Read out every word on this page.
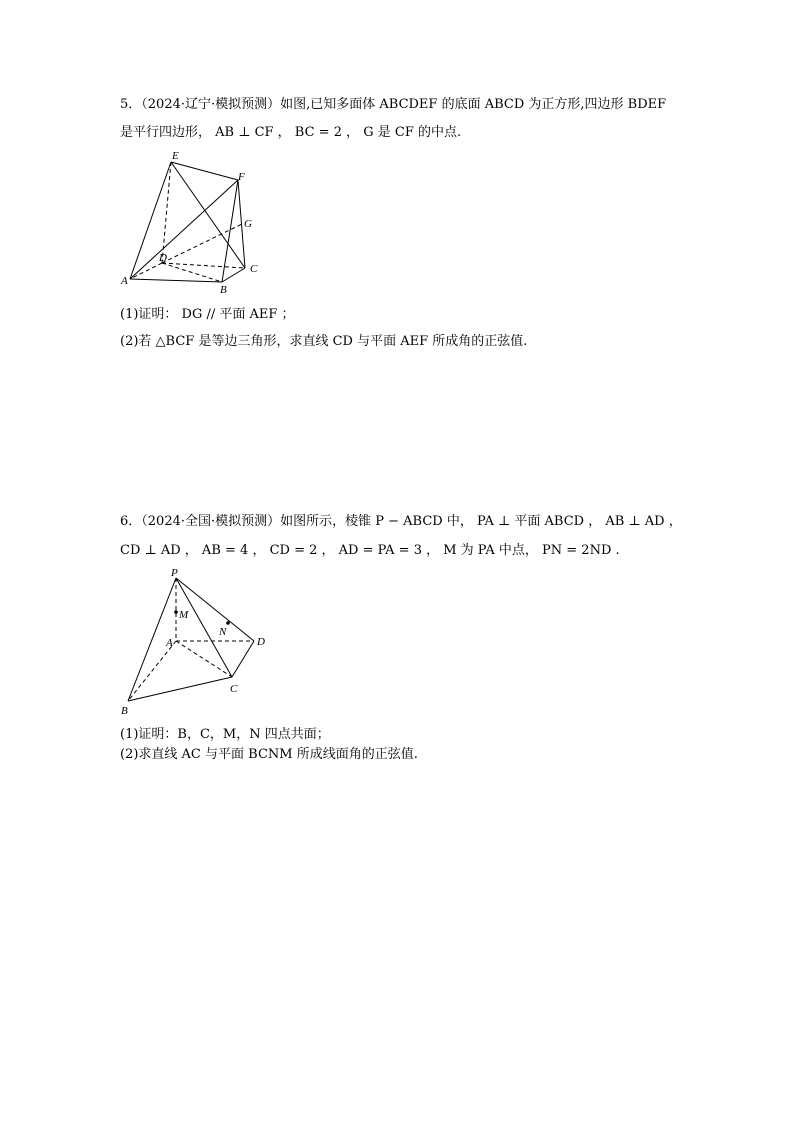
5．（2024·辽宁·模拟预测）如图,已知多面体 ABCDEF 的底面 ABCD 为正方形,四边形 BDEF
是平行四边形， AB ⊥ CF ， BC = 2 ， G 是 CF 的中点.
E
F
G
D
C
A
B
(1)证明： DG // 平面 AEF ；
(2)若 △BCF 是等边三角形，求直线 CD 与平面 AEF 所成角的正弦值.
6．（2024·全国·模拟预测）如图所示，棱锥 P − ABCD 中， PA ⊥ 平面 ABCD ， AB ⊥ AD ，
CD ⊥ AD ， AB = 4 ， CD = 2 ， AD = PA = 3 ， M 为 PA 中点， PN = 2ND .
P
M
N
A	D
C
B
(1)证明：B，C，M，N 四点共面；
(2)求直线 AC 与平面 BCNM 所成线面角的正弦值.
